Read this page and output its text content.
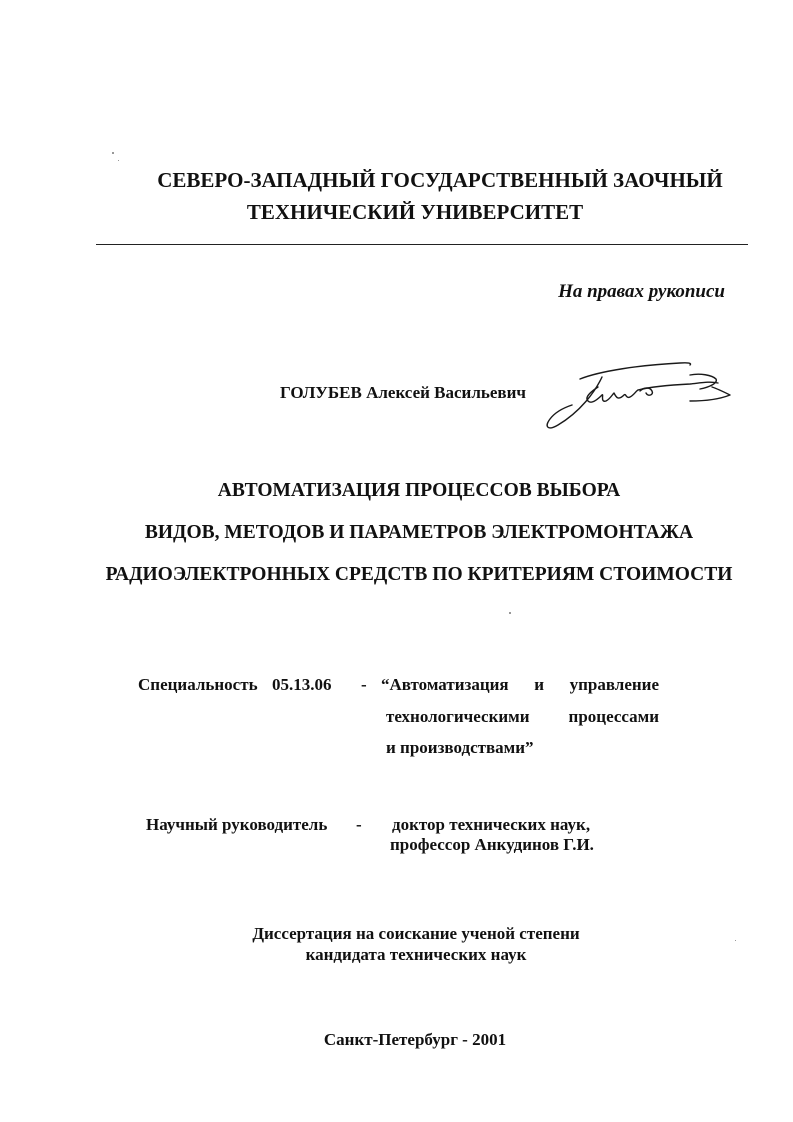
СЕВЕРО-ЗАПАДНЫЙ ГОСУДАРСТВЕННЫЙ ЗАОЧНЫЙ
ТЕХНИЧЕСКИЙ УНИВЕРСИТЕТ
На правах рукописи
ГОЛУБЕВ Алексей Васильевич
АВТОМАТИЗАЦИЯ ПРОЦЕССОВ ВЫБОРА
ВИДОВ, МЕТОДОВ И ПАРАМЕТРОВ ЭЛЕКТРОМОНТАЖА
РАДИОЭЛЕКТРОННЫХ СРЕДСТВ ПО КРИТЕРИЯМ СТОИМОСТИ
Специальность 05.13.06 - “Автоматизация и управление
технологическими процессами
и производствами”
Научный руководитель - доктор технических наук,
профессор Анкудинов Г.И.
Диссертация на соискание ученой степени
кандидата технических наук
Санкт-Петербург - 2001
